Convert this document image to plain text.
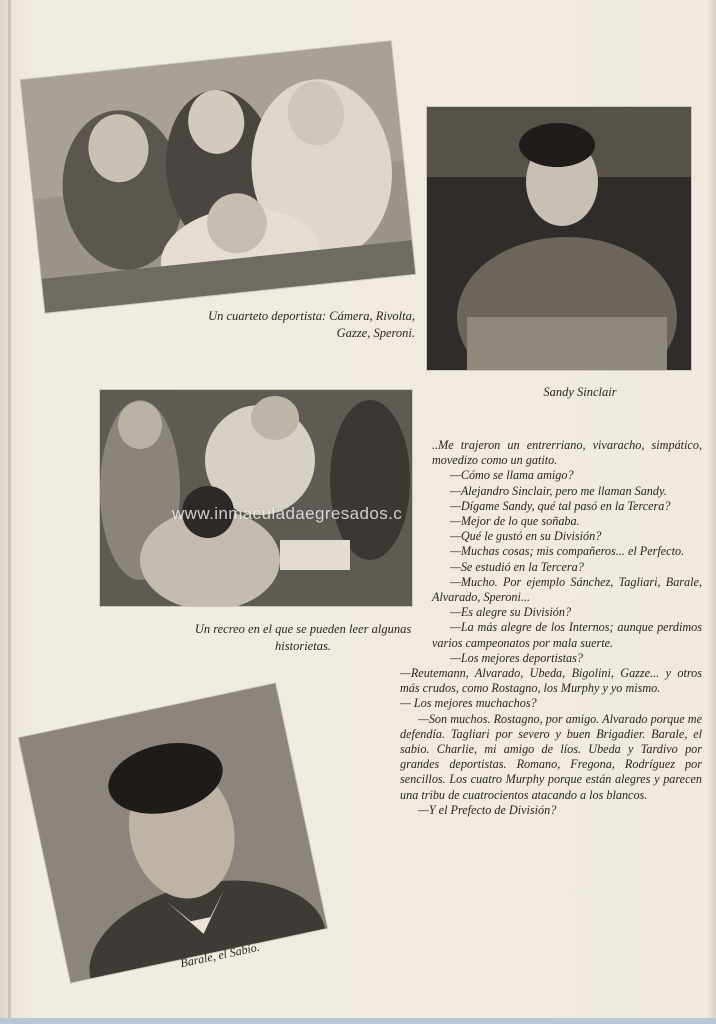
Un cuarteto deportista: Cámera, Rivolta, Gazze, Speroni.
Sandy Sinclair
Un recreo en el que se pueden leer algunas historietas.
www.inmaculadaegresados.c
Barale, el Sabio.

..Me trajeron un entrerriano, vivaracho, simpático, movedizo como un gatito.

—Cómo se llama amigo?

—Alejandro Sinclair, pero me llaman Sandy.

—Dígame Sandy, qué tal pasó en la Tercera?

—Mejor de lo que soñaba.

—Qué le gustó en su División?

—Muchas cosas; mis compañeros... el Perfecto.

—Se estudió en la Tercera?

—Mucho. Por ejemplo Sánchez, Tagliari, Barale, Alvarado, Speroni...

—Es alegre su División?

—La más alegre de los Internos; aunque perdimos varios campeonatos por mala suerte.

—Los mejores deportistas?

—Reutemann, Alvarado, Ubeda, Bigolini, Gazze... y otros más crudos, como Rostagno, los Murphy y yo mismo.

— Los mejores muchachos?

—Son muchos. Rostagno, por amigo. Alvarado porque me defendía. Tagliari por severo y buen Brigadier. Barale, el sabio. Charlie, mi amigo de líos. Ubeda y Tardivo por grandes deportistas. Romano, Fregona, Rodríguez por sencillos. Los cuatro Murphy porque están alegres y parecen una tribu de cuatrocientos atacando a los blancos.

—Y el Prefecto de División?
